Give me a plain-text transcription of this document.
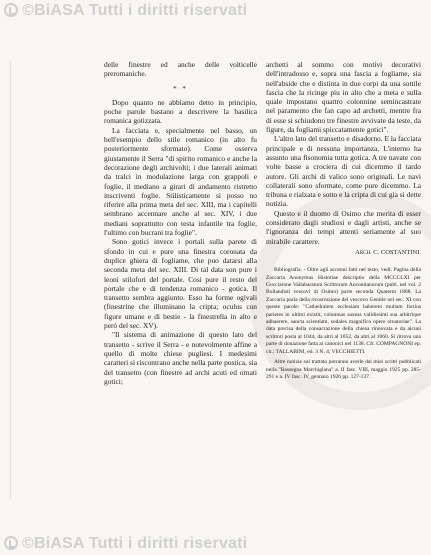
©BiASA Tutti i diritti riservati

delle finestre ed anche delle volticelle preromaniche.

* *

Dopo quanto ne abbiamo detto in principio, poche parole bastano a descrivere la basilica romanica gotizzata.

La facciata e, specialmente nel basso, un bell'esempio dello stile romanico (in alto fu posteriormente sformato). Come osserva giustamente il Serra "di spirito romanico e anche la decorazione degli archivolti; i due laterali animati da tralci in modulazione larga con grappoli e foglie, il mediano a girari di andamento ristretto inscriventi foglie. Stilisticamente si posso no riferire alla prima meta del sec. XIII, ma i capitelli sembrano accennare anche al sec. XIV, i due mediani soprattutto con testa infantile tra foglie, l'ultimo con bucrani tra foglie".

Sono gotici invece i portali sulla parete di sfondo in cui e pure una finestra coronata da duplice ghiera di fogliame, che puo datarsi alla seconda meta del sec. XIII. Di tal data son pure i leoni stilofori del portale. Cosi pure il resto del portale che e di tendenza romanico - gotica. Il transetto sembra aggiunto. Esso ha forme ogivali (finestrine che illuminano la cripta; oculus con figure umane e di bestie - la finestrella in alto e peró del sec. XV).

"Il sistema di animazione di questo lato del transetto - scrive il Serra - e notevolmente affine a quello di molte chiese pugliesi. I medesimi caratteri si riscontrano anche nella parte postica, sia del transetto (con finestre ad archi acuti ed ornati gotici;

archetti al sommo con motivi decorativi dell'intradosso e, sopra una fascia a fogliame, sia nell'abside che e distinta in due corpi da una sottile fascia che la ricinge piu in alto che a meta e sulla quale impostano quattro colonnine semincastrate nel paramento che fan capo ad archetti, mentre fra di esse si schiudono tre finestre avvivate da teste, da figure, da fogliami spiccatamente gotici".

L'altro lato del transetto e disadorno. E la facciata principale e di nessuna importanza. L'interno ha assunto una fisonomia tutta gotica. A tre navate con volte basse a crociera di cui dicemmo il tardo autore. Gli archi di valico sono originali. Le navi collaterali sono sformate, come pure dicemmo. La tribuna e rialzata e sotto e la cripta di cui gia si dette notizia.

Questo e il duomo di Osimo che merita di esser considerato dagli studiosi e dagli artisti, anche se l'ignoranza dei tempi attenti seriamente al suo mirabile carattere.

Arch. C. COSTANTINI.

Bibliografia. - Oltre agli accenni fatti nel testo, vedi: Pagina della Zaccaria Anonymus Historiae descriptio della MCCCLXI per Gucciarone Vallabaratura Scrittorum Anconitanorum (publ. nel vol. 2 Bollandisti vescovi di Osimo) parte seconda Quaternt 1868. La Zaccaria parla della ricostruzione del vescovo Gentile nel sec. XI con queste parole: "Cathedralem ecclesiam haberent multam fortius parietes in ultimi existit, columnas saxeas validissimi sua arbitrique adhaerere, sancta scientiam, sodales magnifico opere ornatoriae". La data precisa della consacrazione della chiesa rinnovata e da alcuni scrittori posta al 1044, da altri al 1052, da altri al 1060. Si ritrova una parte di donazione fatta ai canonici nel 1138. Cfr. COMPAGNONI ep. cit.; TALLABINI, ed. 3 N. 4; VECCHIETTI.

Altre notizie sul trattato potranno averle dai miei scritti pubblicati nella "Rassegna Marchigiana" a. II fasc. VIII, maggio 1925 pp. 285-291 e a. IV fasc. IV, gennaio 1926 pp. 127-137.

©BiASA Tutti i diritti riservati
